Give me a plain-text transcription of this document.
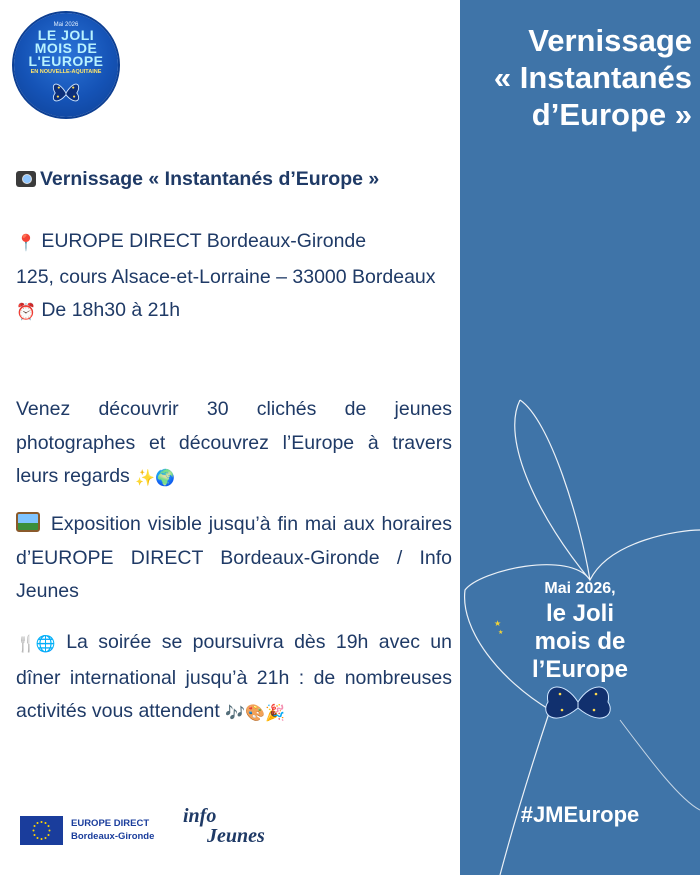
Mai 2026
LE JOLI
MOIS DE
L'EUROPE
EN NOUVELLE-AQUITAINE
Vernissage « Instantanés d’Europe »
📍 EUROPE DIRECT Bordeaux-Gironde
125, cours Alsace-et-Lorraine – 33000 Bordeaux
⏰ De 18h30 à 21h
Venez découvrir 30 clichés de jeunes photographes et découvrez l’Europe à travers leurs regards ✨🌍
Exposition visible jusqu’à fin mai aux horaires d’EUROPE DIRECT Bordeaux-Gironde / Info Jeunes
🍴🌐 La soirée se poursuivra dès 19h avec un dîner international jusqu’à 21h : de nombreuses activités vous attendent 🎶🎨🎉
EUROPE DIRECT
Bordeaux-Gironde
info
Jeunes
Vernissage
« Instantanés
d’Europe »
★
★
Mai 2026,
le Joli
mois de
l’Europe
#JMEurope
